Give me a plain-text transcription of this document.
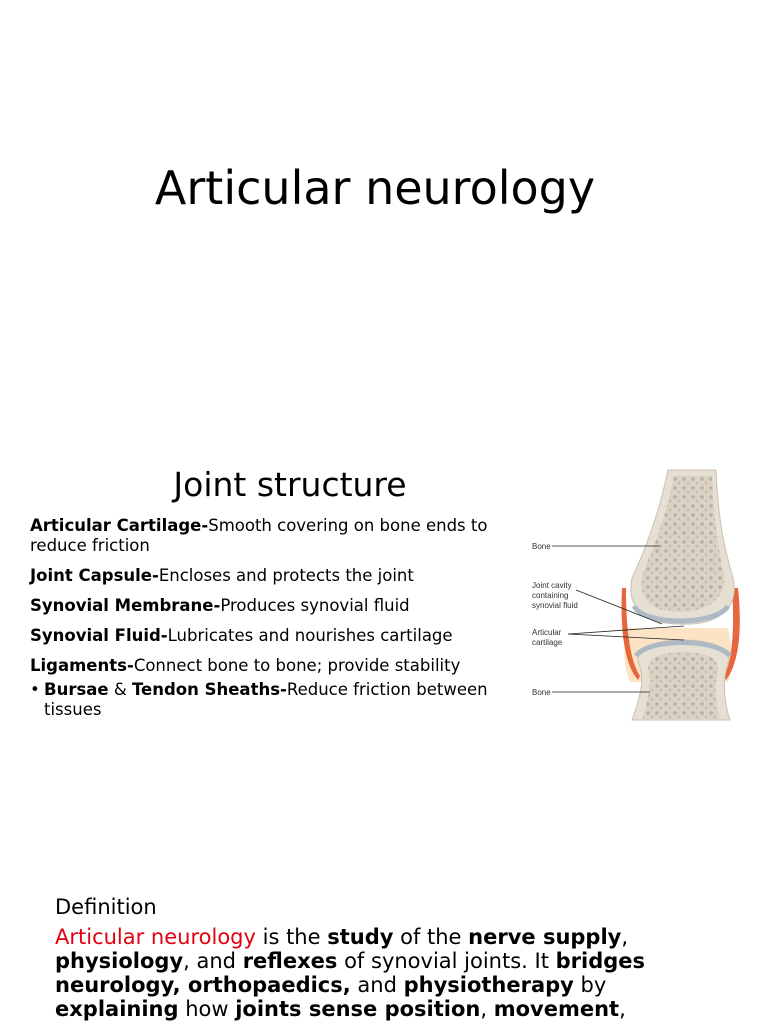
Articular neurology
Joint structure
Articular Cartilage-Smooth covering on bone ends to reduce friction
Joint Capsule-Encloses and protects the joint
Synovial Membrane-Produces synovial fluid
Synovial Fluid-Lubricates and nourishes cartilage
Ligaments-Connect bone to bone; provide stability
• Bursae & Tendon Sheaths-Reduce friction between tissues
Bone
Joint cavity
containing
synovial fluid
Articular
cartilage
Bone
Definition
Articular neurology is the study of the nerve supply, physiology, and reflexes of synovial joints. It bridges neurology, orthopaedics, and physiotherapy by explaining how joints sense position, movement,
